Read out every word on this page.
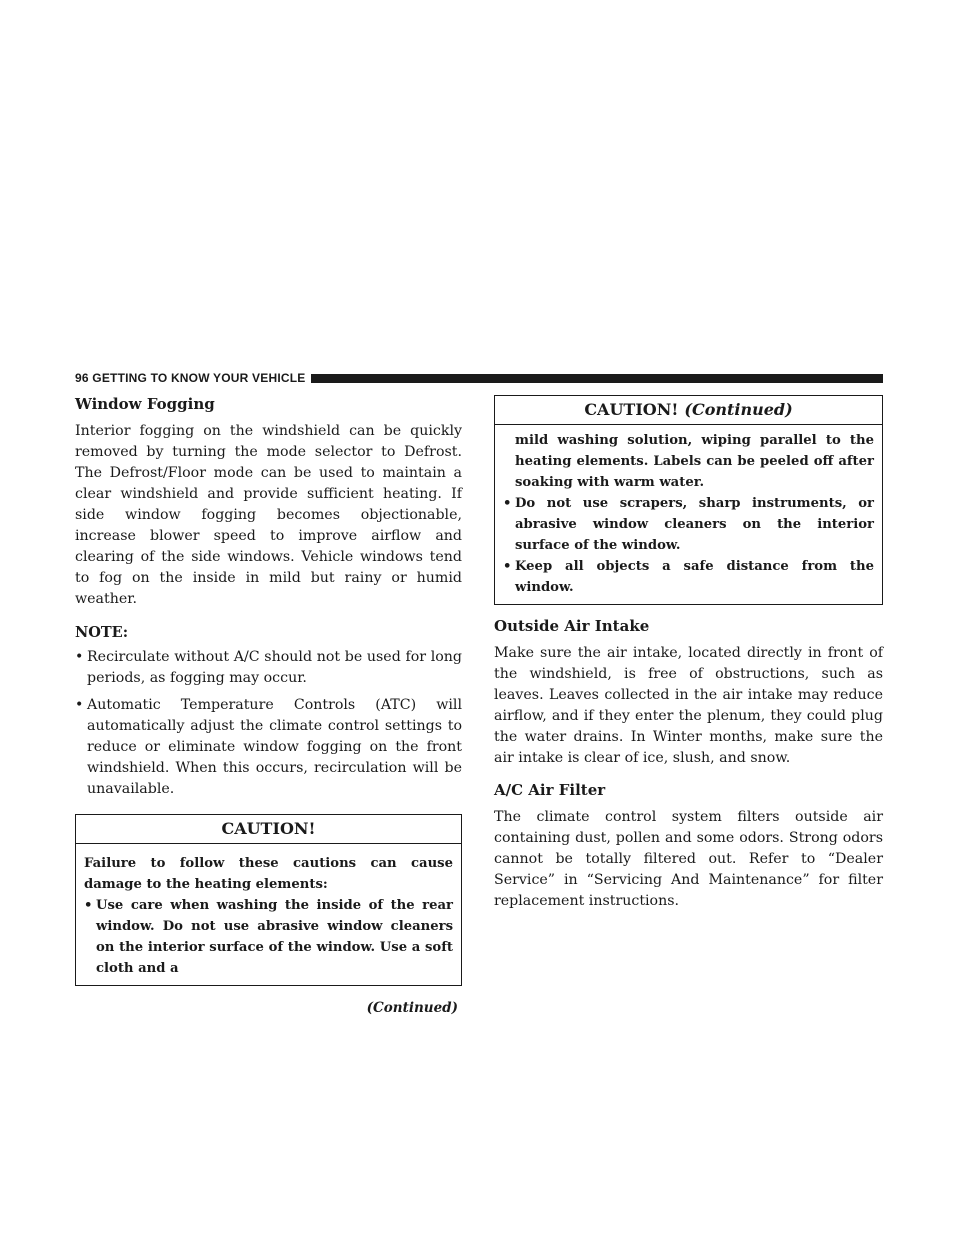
96 GETTING TO KNOW YOUR VEHICLE
Window Fogging

Interior fogging on the windshield can be quickly removed by turning the mode selector to Defrost. The Defrost/Floor mode can be used to maintain a clear windshield and provide sufficient heating. If side window fogging becomes objectionable, increase blower speed to improve airflow and clearing of the side windows. Vehicle windows tend to fog on the inside in mild but rainy or humid weather.

NOTE:
• Recirculate without A/C should not be used for long periods, as fogging may occur.
• Automatic Temperature Controls (ATC) will automatically adjust the climate control settings to reduce or eliminate window fogging on the front windshield. When this occurs, recirculation will be unavailable.
CAUTION!

Failure to follow these cautions can cause damage to the heating elements:

• Use care when washing the inside of the rear window. Do not use abrasive window cleaners on the interior surface of the window. Use a soft cloth and a
(Continued)
CAUTION! (Continued)
mild washing solution, wiping parallel to the heating elements. Labels can be peeled off after soaking with warm water.
• Do not use scrapers, sharp instruments, or abrasive window cleaners on the interior surface of the window.
• Keep all objects a safe distance from the window.
Outside Air Intake

Make sure the air intake, located directly in front of the windshield, is free of obstructions, such as leaves. Leaves collected in the air intake may reduce airflow, and if they enter the plenum, they could plug the water drains. In Winter months, make sure the air intake is clear of ice, slush, and snow.

A/C Air Filter

The climate control system filters outside air containing dust, pollen and some odors. Strong odors cannot be totally filtered out. Refer to “Dealer Service” in “Servicing And Maintenance” for filter replacement instructions.
